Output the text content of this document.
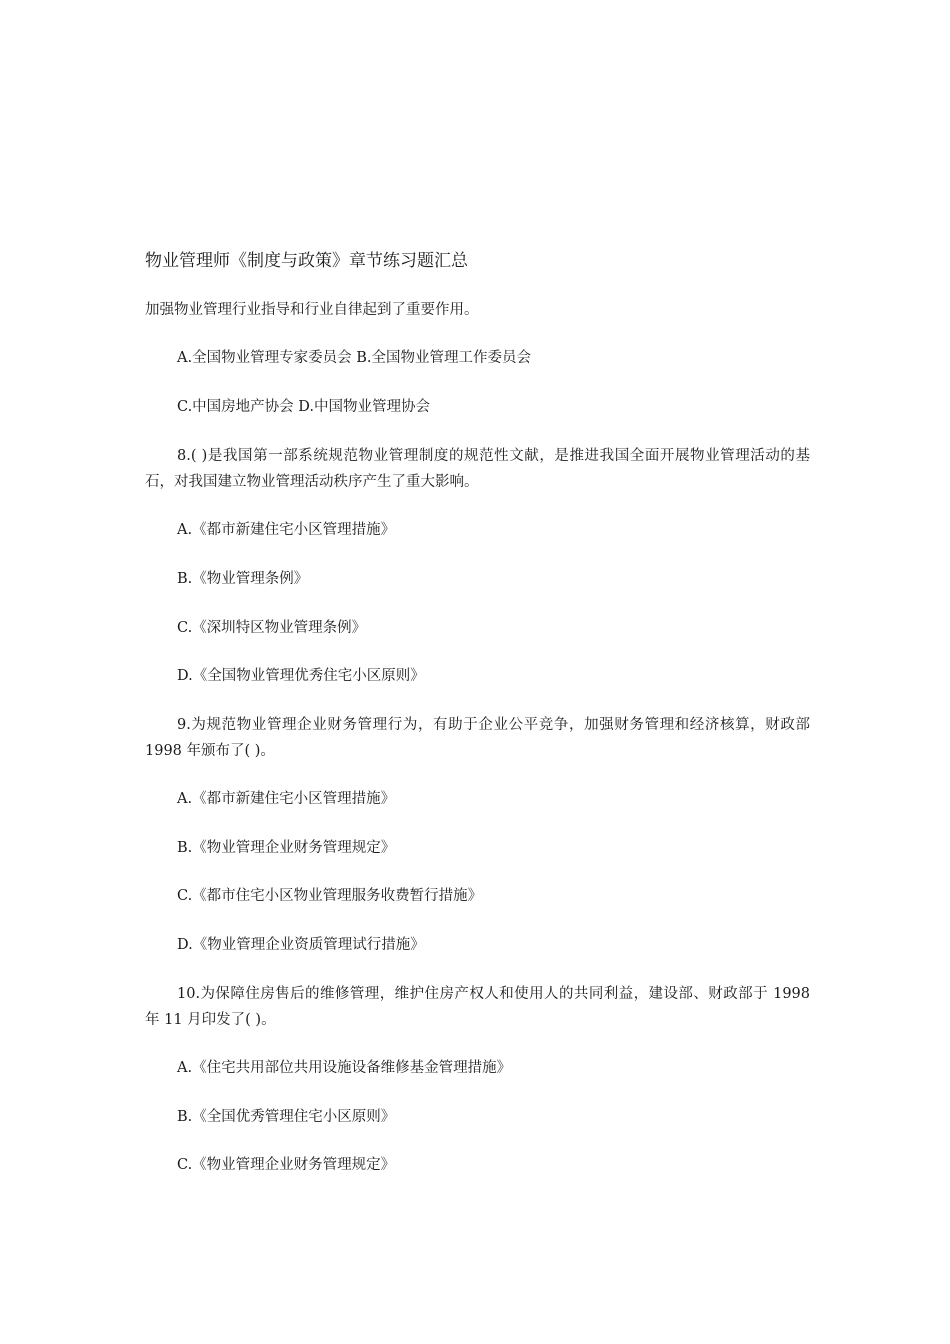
物业管理师《制度与政策》章节练习题汇总
加强物业管理行业指导和行业自律起到了重要作用。
A.全国物业管理专家委员会 B.全国物业管理工作委员会
C.中国房地产协会 D.中国物业管理协会
8.( )是我国第一部系统规范物业管理制度的规范性文献，是推进我国全面开展物业管理活动的基石，对我国建立物业管理活动秩序产生了重大影响。
A.《都市新建住宅小区管理措施》
B.《物业管理条例》
C.《深圳特区物业管理条例》
D.《全国物业管理优秀住宅小区原则》
9.为规范物业管理企业财务管理行为，有助于企业公平竞争，加强财务管理和经济核算，财政部 1998 年颁布了( )。
A.《都市新建住宅小区管理措施》
B.《物业管理企业财务管理规定》
C.《都市住宅小区物业管理服务收费暂行措施》
D.《物业管理企业资质管理试行措施》
10.为保障住房售后的维修管理，维护住房产权人和使用人的共同利益，建设部、财政部于 1998 年 11 月印发了( )。
A.《住宅共用部位共用设施设备维修基金管理措施》
B.《全国优秀管理住宅小区原则》
C.《物业管理企业财务管理规定》
